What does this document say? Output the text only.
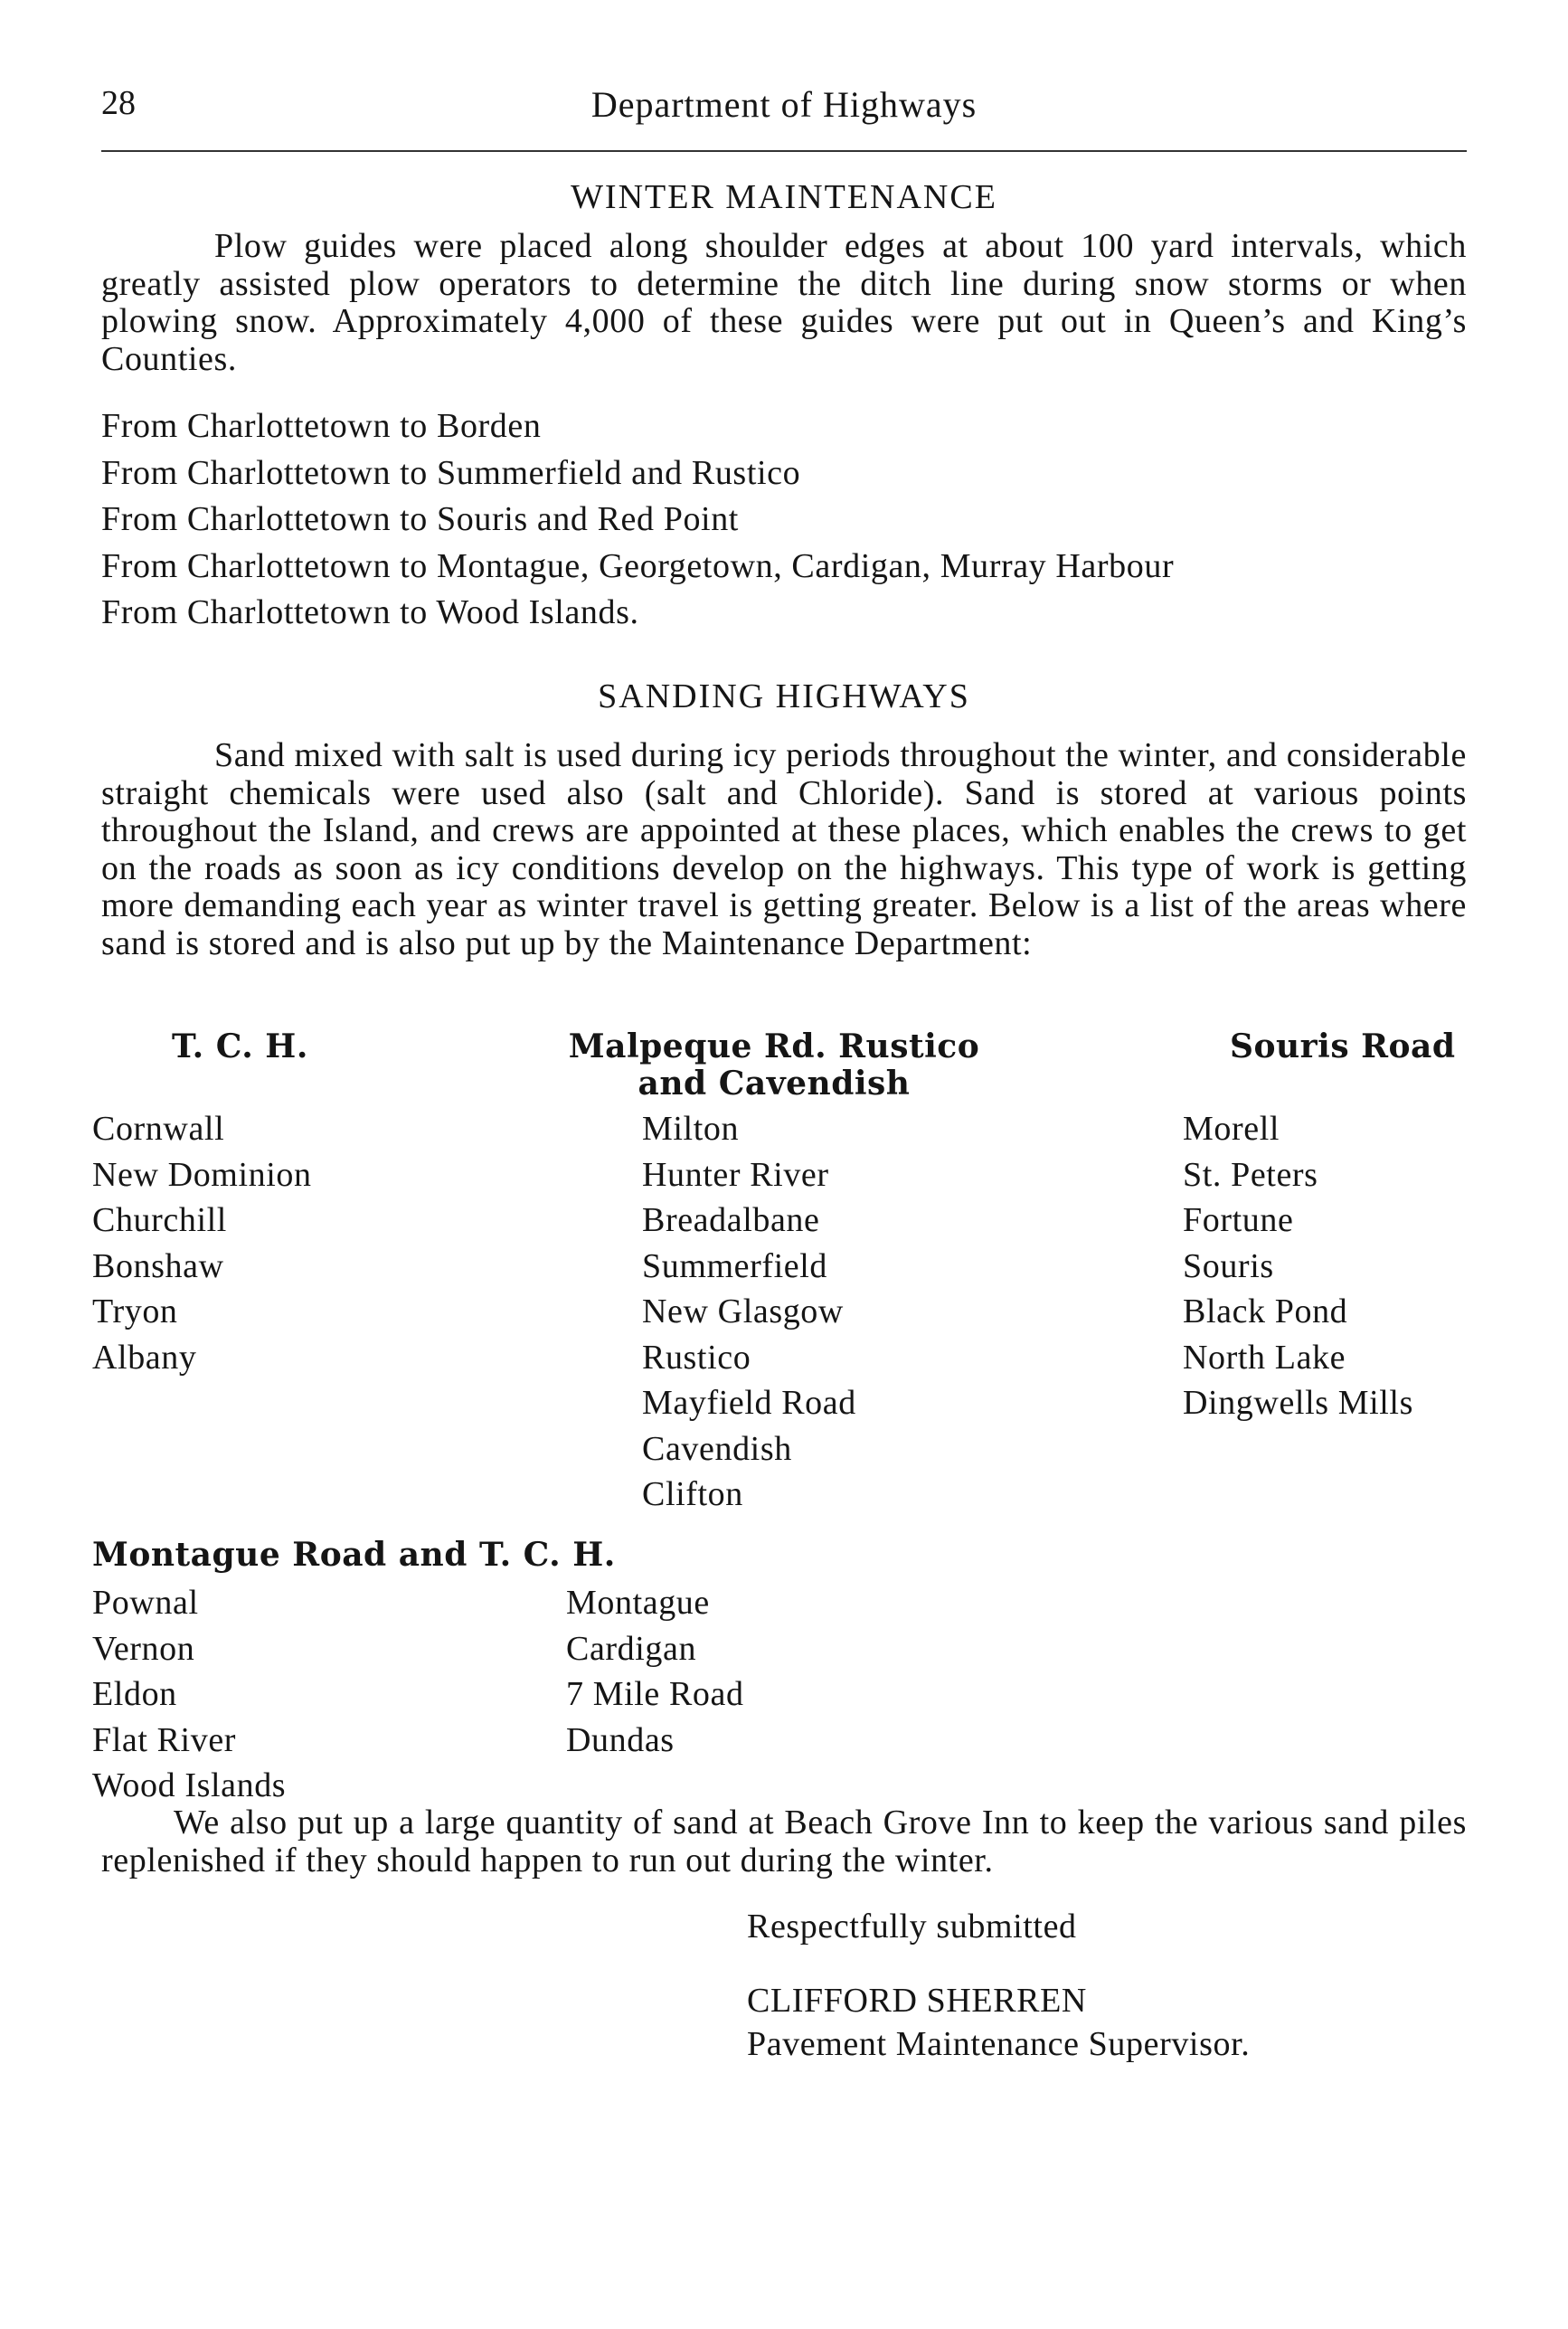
28	Department of Highways
WINTER MAINTENANCE
Plow guides were placed along shoulder edges at about 100 yard intervals, which greatly assisted plow operators to determine the ditch line during snow storms or when plowing snow. Approximately 4,000 of these guides were put out in Queen’s and King’s Counties.
From Charlottetown to Borden
From Charlottetown to Summerfield and Rustico
From Charlottetown to Souris and Red Point
From Charlottetown to Montague, Georgetown, Cardigan, Murray Harbour
From Charlottetown to Wood Islands.
SANDING HIGHWAYS
Sand mixed with salt is used during icy periods throughout the winter, and considerable straight chemicals were used also (salt and Chloride). Sand is stored at various points throughout the Island, and crews are appointed at these places, which enables the crews to get on the roads as soon as icy conditions develop on the highways. This type of work is getting more demanding each year as winter travel is getting greater. Below is a list of the areas where sand is stored and is also put up by the Maintenance Department:
T. C. H.	Malpeque Rd. Rustico
and Cavendish
Souris Road
Cornwall
New Dominion
Churchill
Bonshaw
Tryon
Albany
Milton
Hunter River
Breadalbane
Summerfield
New Glasgow
Rustico
Mayfield Road
Cavendish
Clifton
Morell
St. Peters
Fortune
Souris
Black Pond
North Lake
Dingwells Mills
Montague Road and T. C. H.
Pownal
Vernon
Eldon
Flat River
Wood Islands
Montague
Cardigan
7 Mile Road
Dundas
We also put up a large quantity of sand at Beach Grove Inn to keep the various sand piles replenished if they should happen to run out during the winter.
Respectfully submitted
CLIFFORD SHERREN
Pavement Maintenance Supervisor.
